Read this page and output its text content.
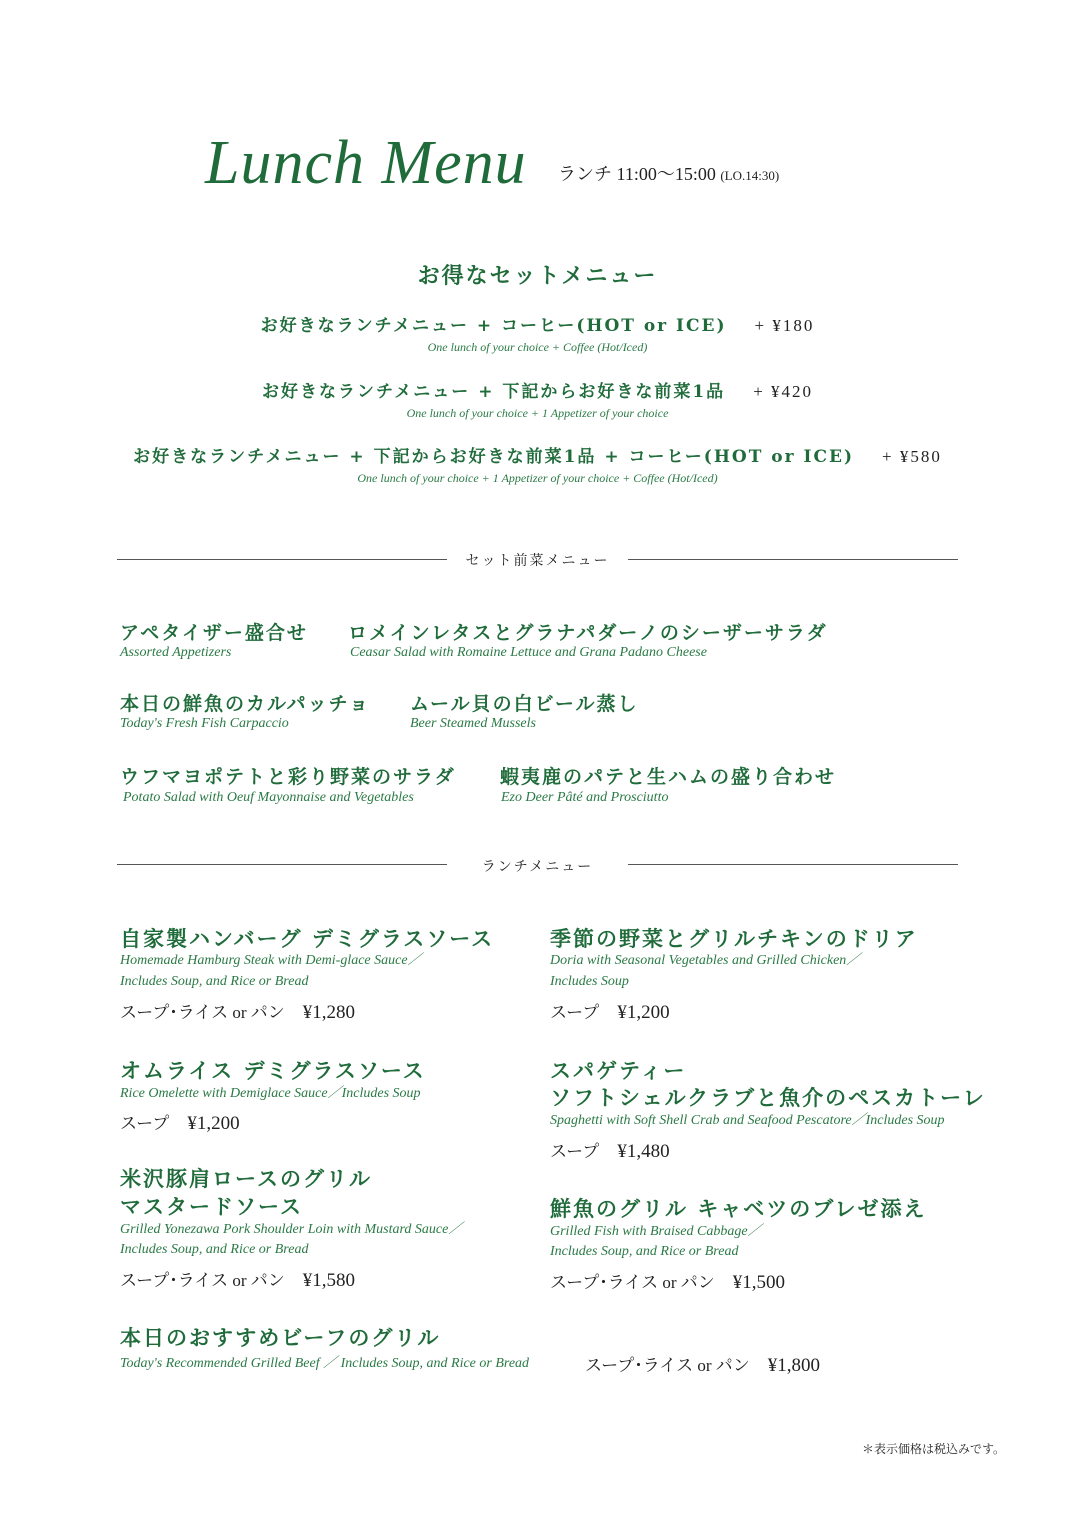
Lunch Menu ランチ 11:00〜15:00 (LO.14:30)
お得なセットメニュー
お好きなランチメニュー + コーヒー(HOT or ICE) + ¥180
One lunch of your choice + Coffee (Hot/Iced)
お好きなランチメニュー + 下記からお好きな前菜1品 + ¥420
One lunch of your choice + 1 Appetizer of your choice
お好きなランチメニュー + 下記からお好きな前菜1品 + コーヒー(HOT or ICE) + ¥580
One lunch of your choice + 1 Appetizer of your choice + Coffee (Hot/Iced)
セット前菜メニュー
アペタイザー盛合せ
Assorted Appetizers
ロメインレタスとグラナパダーノのシーザーサラダ
Ceasar Salad with Romaine Lettuce and Grana Padano Cheese
本日の鮮魚のカルパッチョ
Today's Fresh Fish Carpaccio
ムール貝の白ビール蒸し
Beer Steamed Mussels
ウフマヨポテトと彩り野菜のサラダ
Potato Salad with Oeuf Mayonnaise and Vegetables
蝦夷鹿のパテと生ハムの盛り合わせ
Ezo Deer Pâté and Prosciutto
ランチメニュー
自家製ハンバーグ デミグラスソース
Homemade Hamburg Steak with Demi-glace Sauce／
Includes Soup, and Rice or Bread
スープ･ライス or パン ¥1,280
季節の野菜とグリルチキンのドリア
Doria with Seasonal Vegetables and Grilled Chicken／
Includes Soup
スープ ¥1,200
オムライス デミグラスソース
Rice Omelette with Demiglace Sauce／Includes Soup
スープ ¥1,200
スパゲティー
ソフトシェルクラブと魚介のペスカトーレ
Spaghetti with Soft Shell Crab and Seafood Pescatore／Includes Soup
スープ ¥1,480
米沢豚肩ロースのグリル
マスタードソース
Grilled Yonezawa Pork Shoulder Loin with Mustard Sauce／
Includes Soup, and Rice or Bread
スープ･ライス or パン ¥1,580
鮮魚のグリル キャベツのブレゼ添え
Grilled Fish with Braised Cabbage／
Includes Soup, and Rice or Bread
スープ･ライス or パン ¥1,500
本日のおすすめビーフのグリル
Today's Recommended Grilled Beef ／ Includes Soup, and Rice or Bread	スープ･ライス or パン ¥1,800
＊表示価格は税込みです。
